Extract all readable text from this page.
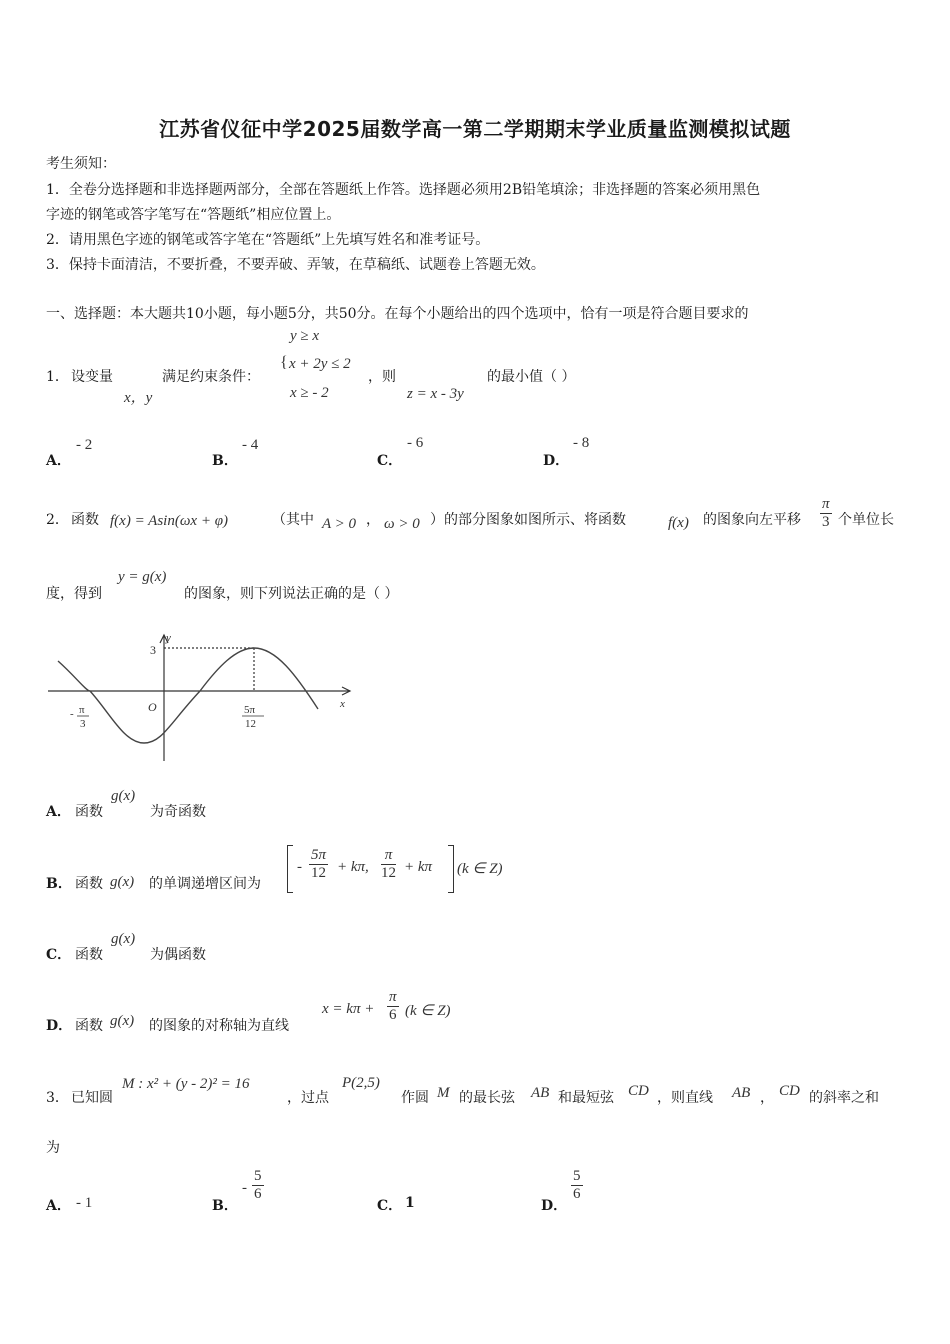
江苏省仪征中学2025届数学高一第二学期期末学业质量监测模拟试题
考生须知：
1．全卷分选择题和非选择题两部分，全部在答题纸上作答。选择题必须用2B铅笔填涂；非选择题的答案必须用黑色
字迹的钢笔或答字笔写在“答题纸”相应位置上。
2．请用黑色字迹的钢笔或答字笔在“答题纸”上先填写姓名和准考证号。
3．保持卡面清洁，不要折叠，不要弄破、弄皱，在草稿纸、试题卷上答题无效。
一、选择题：本大题共10小题，每小题5分，共50分。在每个小题给出的四个选项中，恰有一项是符合题目要求的
1． 设变量
x，y
满足约束条件：
y ≥ x
{ x + 2y ≤ 2
x ≥ - 2
，则
z = x - 3y
的最小值（ ）
A．
- 2
B．
- 4
C．
- 6
D．
- 8
2． 函数 f(x) = Asin(ωx + φ)	（其中 A > 0 ， ω > 0 ）的部分图象如图所示、将函数	f(x) 的图象向左平移 $\frac{\pi}{3}$ 个单位长
度，得到
y = g(x)
的图象，则下列说法正确的是（ ）
y
x
3
O
- π
3
5π
12
A． 函数
g(x)
为奇函数
B． 函数 g(x) 的单调递增区间为
- $\frac{5\pi}{12} + k\pi$, $\frac{\pi}{12} + k\pi$ (k ∈ Z)
C． 函数
g(x)
为偶函数
D． 函数 g(x) 的图象的对称轴为直线
$x = k\pi + \frac{\pi}{6} (k$ ∈ Z)
3． 已知圆
M : x² + (y - 2)² = 16
，过点
P(2,5)
作圆 M 的最长弦 AB 和最短弦 CD ，则直线 AB ， CD 的斜率之和
为
A． - 1	B．
- $\frac{5}{6}$
C． 1	D．
$\frac{5}{6}$
